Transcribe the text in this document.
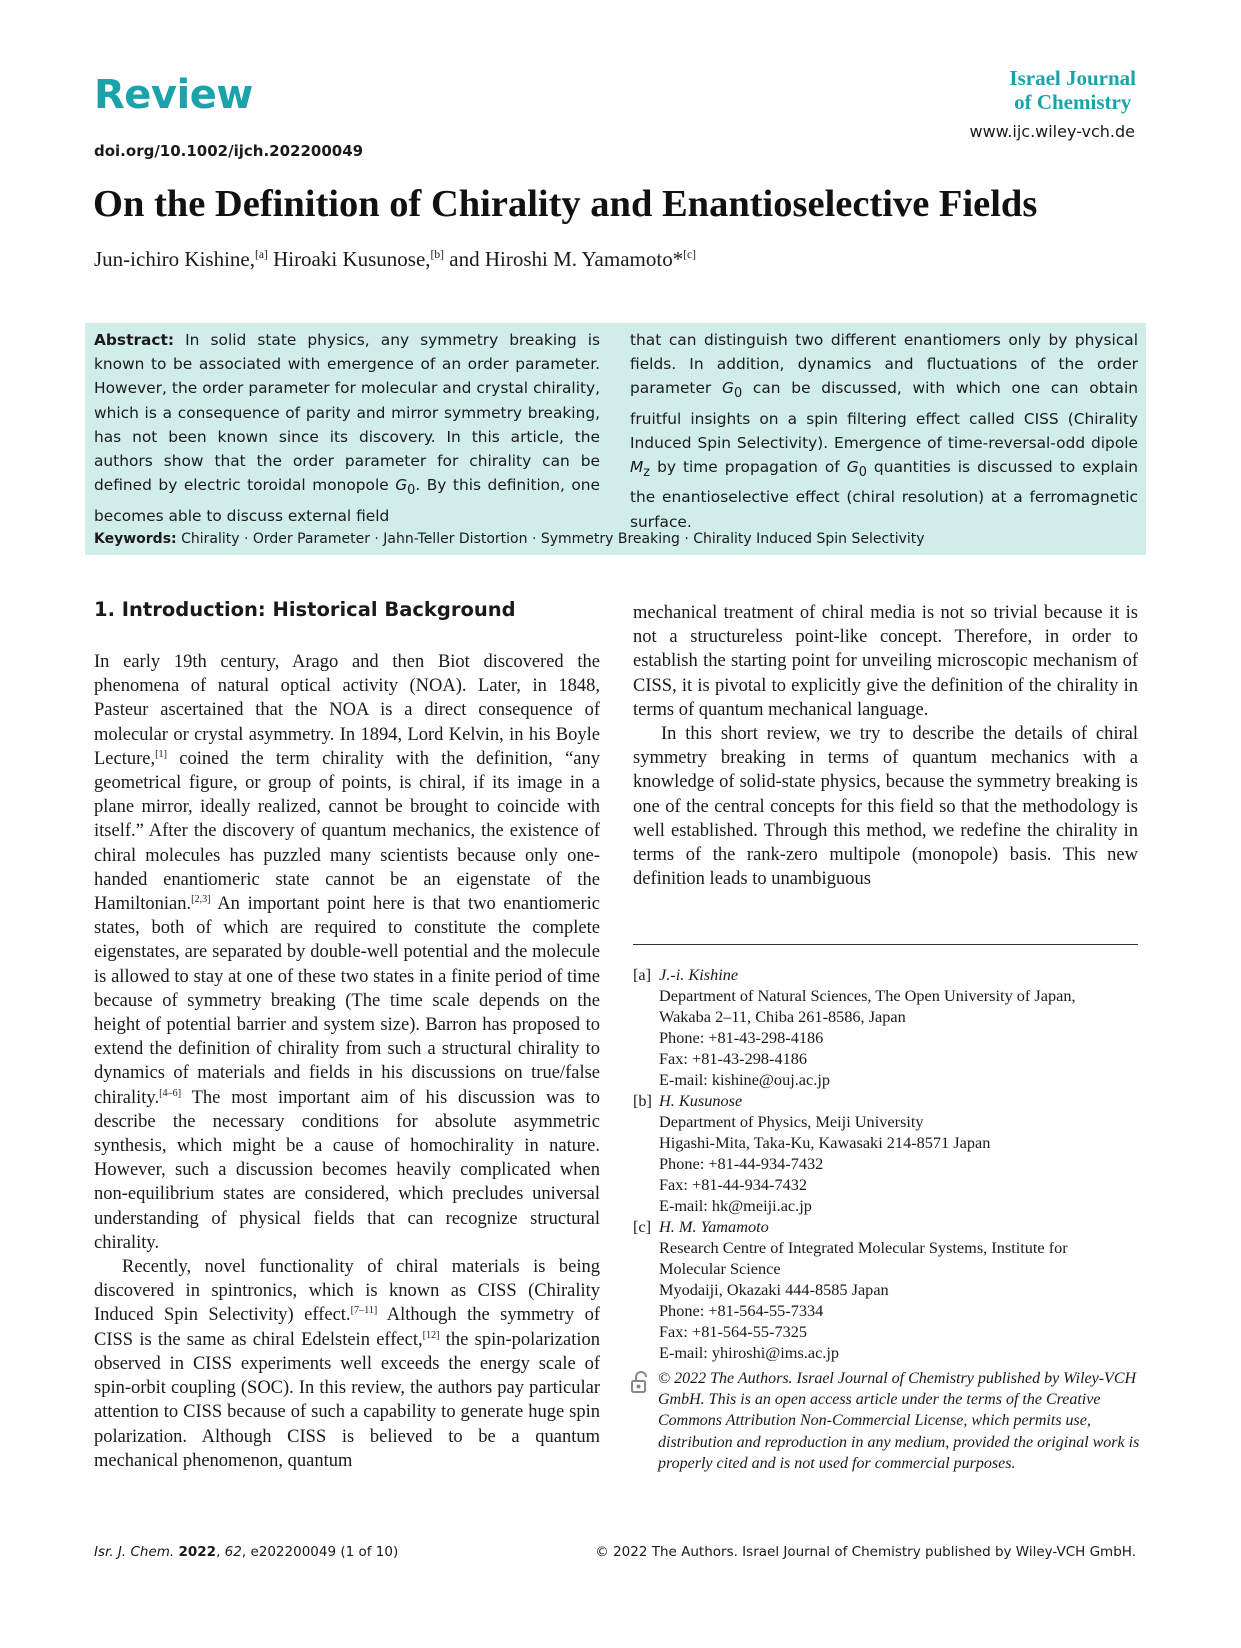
Review
doi.org/10.1002/ijch.202200049
Israel Journal
of Chemistry
www.ijc.wiley-vch.de
On the Definition of Chirality and Enantioselective Fields
Jun-ichiro Kishine,[a] Hiroaki Kusunose,[b] and Hiroshi M. Yamamoto*[c]
Abstract: In solid state physics, any symmetry breaking is known to be associated with emergence of an order parameter. However, the order parameter for molecular and crystal chirality, which is a consequence of parity and mirror symmetry breaking, has not been known since its discovery. In this article, the authors show that the order parameter for chirality can be defined by electric toroidal monopole $G_0$. By this definition, one becomes able to discuss external field
that can distinguish two different enantiomers only by physical fields. In addition, dynamics and fluctuations of the order parameter $G_0$ can be discussed, with which one can obtain fruitful insights on a spin filtering effect called CISS (Chirality Induced Spin Selectivity). Emergence of time-reversal-odd dipole $M_z$ by time propagation of $G_0$ quantities is discussed to explain the enantioselective effect (chiral resolution) at a ferromagnetic surface.
Keywords: Chirality · Order Parameter · Jahn-Teller Distortion · Symmetry Breaking · Chirality Induced Spin Selectivity
1. Introduction: Historical Background

In early 19th century, Arago and then Biot discovered the phenomena of natural optical activity (NOA). Later, in 1848, Pasteur ascertained that the NOA is a direct consequence of molecular or crystal asymmetry. In 1894, Lord Kelvin, in his Boyle Lecture,[1] coined the term chirality with the definition, “any geometrical figure, or group of points, is chiral, if its image in a plane mirror, ideally realized, cannot be brought to coincide with itself.” After the discovery of quantum mechanics, the existence of chiral molecules has puzzled many scientists because only one-handed enantiomeric state cannot be an eigenstate of the Hamiltonian.[2,3] An important point here is that two enantiomeric states, both of which are required to constitute the complete eigenstates, are separated by double-well potential and the molecule is allowed to stay at one of these two states in a finite period of time because of symmetry breaking (The time scale depends on the height of potential barrier and system size). Barron has proposed to extend the definition of chirality from such a structural chirality to dynamics of materials and fields in his discussions on true/false chirality.[4–6] The most important aim of his discussion was to describe the necessary conditions for absolute asymmetric synthesis, which might be a cause of homochirality in nature. However, such a discussion becomes heavily complicated when non-equilibrium states are considered, which precludes universal understanding of physical fields that can recognize structural chirality.

Recently, novel functionality of chiral materials is being discovered in spintronics, which is known as CISS (Chirality Induced Spin Selectivity) effect.[7–11] Although the symmetry of CISS is the same as chiral Edelstein effect,[12] the spin-polarization observed in CISS experiments well exceeds the energy scale of spin-orbit coupling (SOC). In this review, the authors pay particular attention to CISS because of such a capability to generate huge spin polarization. Although CISS is believed to be a quantum mechanical phenomenon, quantum

mechanical treatment of chiral media is not so trivial because it is not a structureless point-like concept. Therefore, in order to establish the starting point for unveiling microscopic mechanism of CISS, it is pivotal to explicitly give the definition of the chirality in terms of quantum mechanical language.

In this short review, we try to describe the details of chiral symmetry breaking in terms of quantum mechanics with a knowledge of solid-state physics, because the symmetry breaking is one of the central concepts for this field so that the methodology is well established. Through this method, we redefine the chirality in terms of the rank-zero multipole (monopole) basis. This new definition leads to unambiguous

[a] J.-i. Kishine
Department of Natural Sciences, The Open University of Japan,
Wakaba 2–11, Chiba 261-8586, Japan
Phone: +81-43-298-4186
Fax: +81-43-298-4186
E-mail: kishine@ouj.ac.jp
[b] H. Kusunose
Department of Physics, Meiji University
Higashi-Mita, Taka-Ku, Kawasaki 214-8571 Japan
Phone: +81-44-934-7432
Fax: +81-44-934-7432
E-mail: hk@meiji.ac.jp
[c] H. M. Yamamoto
Research Centre of Integrated Molecular Systems, Institute for
Molecular Science
Myodaiji, Okazaki 444-8585 Japan
Phone: +81-564-55-7334
Fax: +81-564-55-7325
E-mail: yhiroshi@ims.ac.jp
© 2022 The Authors. Israel Journal of Chemistry published by Wiley-VCH GmbH. This is an open access article under the terms of the Creative Commons Attribution Non-Commercial License, which permits use, distribution and reproduction in any medium, provided the original work is properly cited and is not used for commercial purposes.
Isr. J. Chem. 2022, 62, e202200049 (1 of 10)	© 2022 The Authors. Israel Journal of Chemistry published by Wiley-VCH GmbH.
